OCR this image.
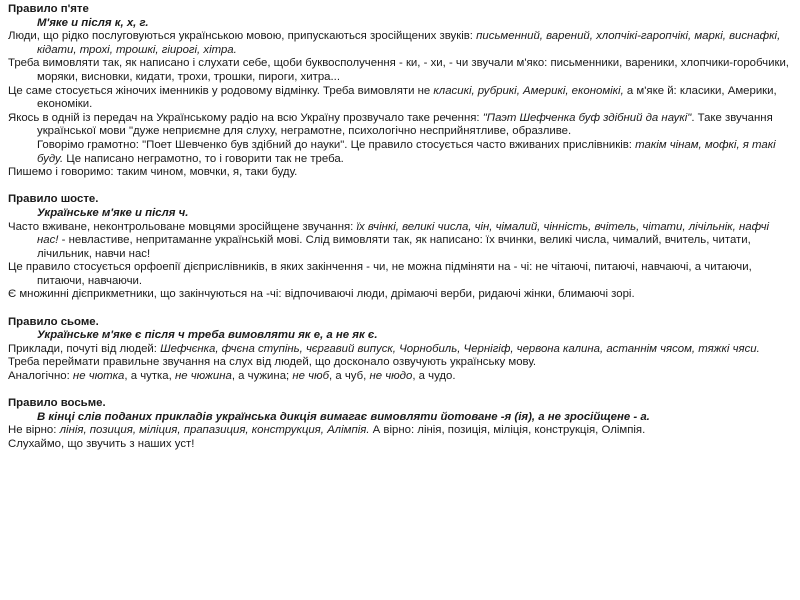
Правило п'яте
М'яке и після к, х, г.
Люди, що рідко послуговуються українською мовою, припускаються зросійщених звуків: письменний, варений, хлопчікі-гаропчікі, маркі, виснафкі, кідати, трохі, трошкі, гіирогі, хітра.
Треба вимовляти так, як написано і слухати себе, щоби буквосполучення - ки, - хи, - чи звучали м'яко: письменники, вареники, хлопчики-горобчики, моряки, висновки, кидати, трохи, трошки, пироги, хитра...
Це саме стосується жіночих іменників у родовому відмінку. Треба вимовляти не класикі, рубрикі, Америкі, економікі, а м'яке й: класики, Америки, економіки.
Якось в одній із передач на Українському радіо на всю Україну прозвучало таке речення: "Паэт Шефченка буф здібний да наукі". Таке звучання української мови "дуже неприємне для слуху, неграмотне, психологічно несприйнятливе, образливе.
Говорімо грамотно: "Поет Шевченко був здібний до науки". Це правило стосується часто вживаних прислівників: такім чінам, мофкі, я такі буду. Це написано неграмотно, то і говорити так не треба.
Пишемо і говоримо: таким чином, мовчки, я, таки буду.
Правило шосте.
Українське м'яке и після ч.
Часто вживане, неконтрольоване мовцями зросійщене звучання: їх вчінкі, великі числа, чін, чімалий, чінність, вчітель, чітати, лічільнік, нафчі нас! - невластиве, непритаманне українській мові. Слід вимовляти так, як написано: їх вчинки, великі числа, чималий, вчитель, читати, лічильник, навчи нас!
Це правило стосується орфоепії дієприслівників, в яких закінчення - чи, не можна підміняти на - чі: не чітаючі, питаючі, навчаючі, а читаючи, питаючи, навчаючи.
Є множинні дієприкметники, що закінчуються на -чі: відпочиваючі люди, дрімаючі верби, ридаючі жінки, блимаючі зорі.
Правило сьоме.
Українське м'яке є після ч треба вимовляти як е, а не як є.
Приклади, почуті від людей: Шефчєнка, фчєна ступінь, чєргавий випуск, Чорнобиль, Чернігіф, червона калина, астаннім чясом, тяжкі чяси.
Треба переймати правильне звучання на слух від людей, що досконало озвучують українську мову.
Аналогічно: не чютка, а чутка, не чюжина, а чужина; не чюб, а чуб, не чюдо, а чудо.
Правило восьме.
В кінці слів поданих прикладів українська дикція вимагає вимовляти йотоване -я (ія), а не зросійщене - а.
Не вірно: лінія, позиция, міліция, прапазиция, конструкция, Алімпія. А вірно: лінія, позиція, міліція, конструкція, Олімпія.
Слухаймо, що звучить з наших уст!
